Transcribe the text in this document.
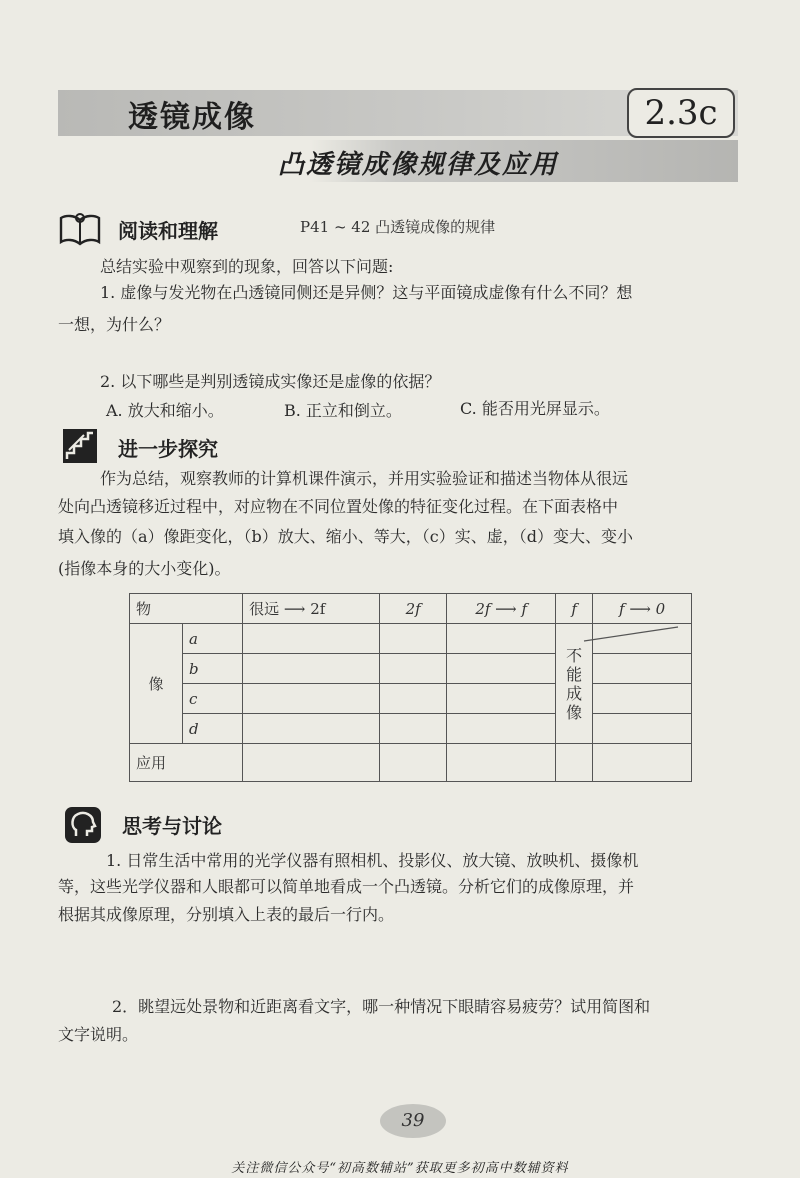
透镜成像	2.3c
凸透镜成像规律及应用
阅读和理解	P41 ~ 42 凸透镜成像的规律
总结实验中观察到的现象，回答以下问题:
1. 虚像与发光物在凸透镜同侧还是异侧？这与平面镜成虚像有什么不同？想
一想，为什么？
2. 以下哪些是判别透镜成实像还是虚像的依据？
A. 放大和缩小。	B. 正立和倒立。	C. 能否用光屏显示。
进一步探究
作为总结，观察教师的计算机课件演示，并用实验验证和描述当物体从很远
处向凸透镜移近过程中，对应物在不同位置处像的特征变化过程。在下面表格中
填入像的（a）像距变化，（b）放大、缩小、等大，（c）实、虚，（d）变大、变小
(指像本身的大小变化)。
物		很远 ⟶ 2f	2f	2f ⟶ f	f	f ⟶ 0
像	a				不能成像	
	b					
	c					
	d					
应用						
思考与讨论
1. 日常生活中常用的光学仪器有照相机、投影仪、放大镜、放映机、摄像机
等，这些光学仪器和人眼都可以简单地看成一个凸透镜。分析它们的成像原理，并
根据其成像原理，分别填入上表的最后一行内。
2．眺望远处景物和近距离看文字，哪一种情况下眼睛容易疲劳？试用简图和
文字说明。
39
关注微信公众号“初高数辅站”获取更多初高中数辅资料
